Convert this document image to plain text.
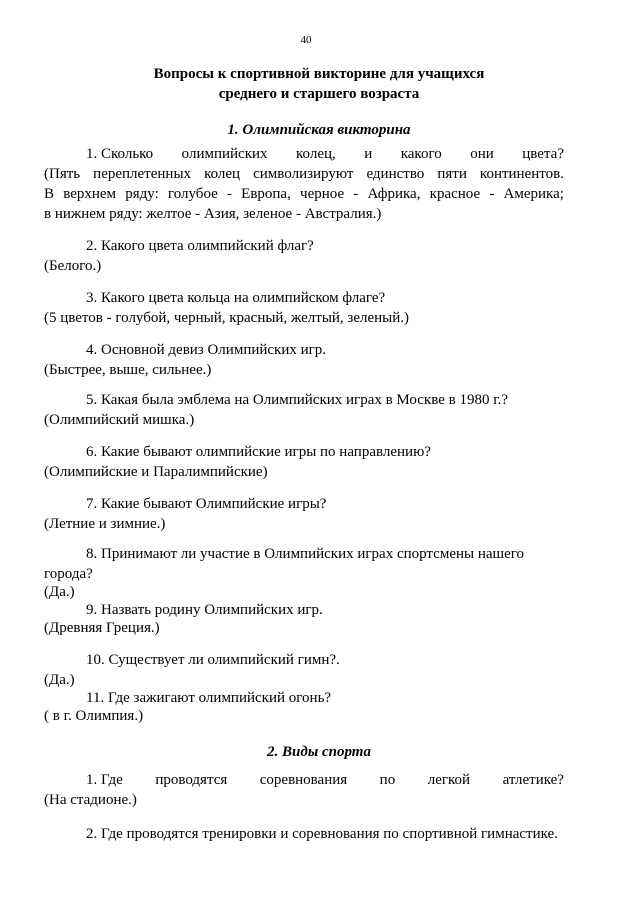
40
Вопросы к спортивной викторине для учащихся
среднего и старшего возраста
1. Олимпийская викторина
1. Сколько олимпийских колец, и какого они цвета?
(Пять переплетенных колец символизируют единство пяти континентов.
В верхнем ряду: голубое - Европа, черное - Африка, красное - Америка;
в нижнем ряду: желтое - Азия, зеленое - Австралия.)
2. Какого цвета олимпийский флаг?
(Белого.)
3. Какого цвета кольца на олимпийском флаге?
(5 цветов - голубой, черный, красный, желтый, зеленый.)
4. Основной девиз Олимпийских игр.
(Быстрее, выше, сильнее.)
5. Какая была эмблема на Олимпийских играх в Москве в 1980 г.?
(Олимпийский мишка.)
6. Какие бывают олимпийские игры по направлению?
(Олимпийские и Паралимпийские)
7. Какие бывают Олимпийские игры?
(Летние и зимние.)
8. Принимают ли участие в Олимпийских играх спортсмены нашего
города?
(Да.)
9. Назвать родину Олимпийских игр.
(Древняя Греция.)
10. Существует ли олимпийский гимн?.
(Да.)
11. Где зажигают олимпийский огонь?
( в г. Олимпия.)
2. Виды спорта
1. Где проводятся соревнования по легкой атлетике?
(На стадионе.)
2. Где проводятся тренировки и соревнования по спортивной гимнастике.
